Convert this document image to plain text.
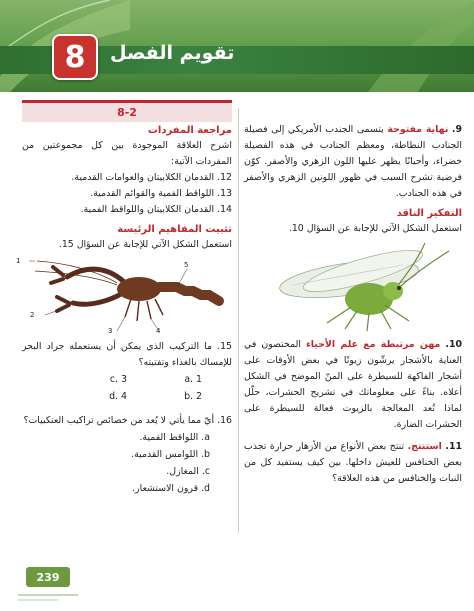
تقويم الفصل
8

9. نهاية مفتوحة يتسمى الجندب الأمريكي إلى فصيلة الجنادب النطاطة، ومعظم الجنادب في هذه الفصيلة خضراء، وأحيانًا يظهر عليها اللون الزهري والأصفر. كوّن فرضية تشرح السبب في ظهور اللونين الزهري والأصفر في هذه الجنادب.

التفكير الناقد

استعمل الشكل الآتي للإجابة عن السؤال 10.

10. مهن مرتبطة مع علم الأحياء المختصون في العناية بالأشجار يرشّون زيوتًا في بعض الأوقات على أشجار الفاكهة للسيطرة على المنّ الموضح في الشكل أعلاه. بناءً على معلوماتك في تشريح الحشرات، حلّل لماذا تُعد المعالجة بالزيوت فعالة للسيطرة على الحشرات الضارة.

11. استنتج. تنتج بعض الأنواع من الأزهار حرارة تجذب بعض الخنافس للعيش داخلها. بين كيف يستفيد كل من النبات والخنافس من هذه العلاقة؟

8-2
مراجعة المفردات

اشرح العلاقة الموجودة بين كل مجموعتين من المفردات الآتية:

12. القدمان الكلابيتان والعوامات القدمية.

13. اللواقط الفمية والقوائم القدمية.

14. القدمان الكلابيتان واللواقط الفمية.

تثبيت المفاهيم الرئيسة

استعمل الشكل الآتي للإجابة عن السؤال 15.

1
2
3	4
5

15. ما التركيب الذي يمكن أن يستعمله جراد البحر للإمساك بالغذاء وتفتيته؟

a. 1
c. 3
b. 2
d. 4

16. أيّ مما يأتي لا يُعد من خصائص تراكيب العنكبيات؟

a. اللواقط الفمية.
b. اللوامس القدمية.
c. المغازل.
d. قرون الاستشعار.
239
